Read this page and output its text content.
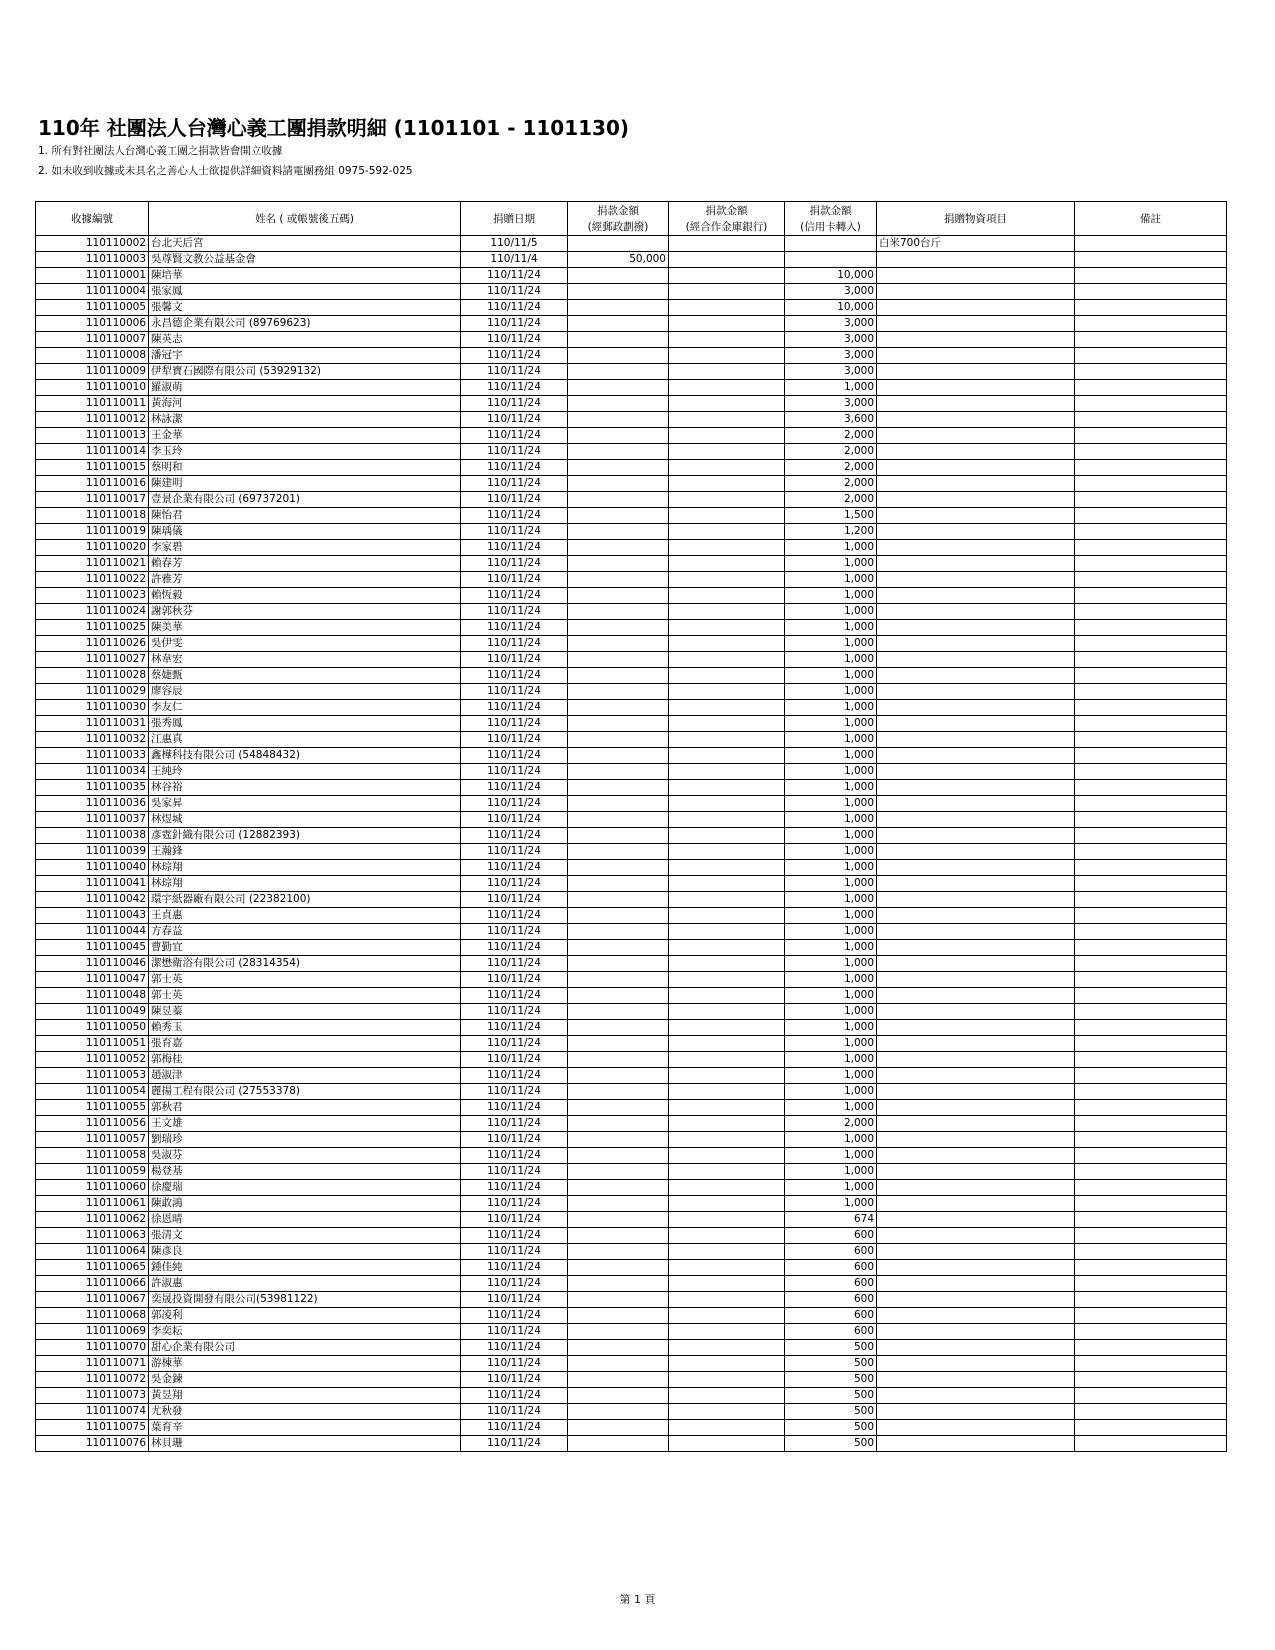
110年 社團法人台灣心義工團捐款明細 (1101101 - 1101130)
1. 所有對社團法人台灣心義工團之捐款皆會開立收據
2. 如未收到收據或未具名之善心人士欲提供詳細資料請電團務組 0975-592-025
收據編號	姓名 ( 或帳號後五碼)	捐贈日期	捐款金額
(經郵政劃撥)	捐款金額
(經合作金庫銀行)	捐款金額
(信用卡轉入)	捐贈物資項目	備註
110110002	台北天后宮	110/11/5				白米700台斤	
110110003	吳尊賢文教公益基金會	110/11/4	50,000				
110110001	陳培華	110/11/24			10,000		
110110004	張家鳳	110/11/24			3,000		
110110005	張馨文	110/11/24			10,000		
110110006	永昌德企業有限公司 (89769623)	110/11/24			3,000		
110110007	陳英志	110/11/24			3,000		
110110008	潘冠宇	110/11/24			3,000		
110110009	伊犁寶石國際有限公司 (53929132)	110/11/24			3,000		
110110010	羅淑萌	110/11/24			1,000		
110110011	黃海河	110/11/24			3,000		
110110012	林詠潔	110/11/24			3,600		
110110013	王金華	110/11/24			2,000		
110110014	李玉玲	110/11/24			2,000		
110110015	蔡明和	110/11/24			2,000		
110110016	陳建明	110/11/24			2,000		
110110017	壹景企業有限公司 (69737201)	110/11/24			2,000		
110110018	陳怡君	110/11/24			1,500		
110110019	陳瑀儀	110/11/24			1,200		
110110020	李家碧	110/11/24			1,000		
110110021	賴春芳	110/11/24			1,000		
110110022	許雅芳	110/11/24			1,000		
110110023	賴恆毅	110/11/24			1,000		
110110024	謝郭秋芬	110/11/24			1,000		
110110025	陳美華	110/11/24			1,000		
110110026	吳伊雯	110/11/24			1,000		
110110027	林韋宏	110/11/24			1,000		
110110028	蔡婕甄	110/11/24			1,000		
110110029	廖容辰	110/11/24			1,000		
110110030	李友仁	110/11/24			1,000		
110110031	張秀鳳	110/11/24			1,000		
110110032	江惠真	110/11/24			1,000		
110110033	鑫樺科技有限公司 (54848432)	110/11/24			1,000		
110110034	王純玲	110/11/24			1,000		
110110035	林谷裕	110/11/24			1,000		
110110036	吳家昇	110/11/24			1,000		
110110037	林煜城	110/11/24			1,000		
110110038	彥霆針織有限公司 (12882393)	110/11/24			1,000		
110110039	王瀚鋒	110/11/24			1,000		
110110040	林琮翔	110/11/24			1,000		
110110041	林琮翔	110/11/24			1,000		
110110042	環宇紙器廠有限公司 (22382100)	110/11/24			1,000		
110110043	王貞惠	110/11/24			1,000		
110110044	方春益	110/11/24			1,000		
110110045	曹勤宜	110/11/24			1,000		
110110046	潔懋衛浴有限公司 (28314354)	110/11/24			1,000		
110110047	郭士英	110/11/24			1,000		
110110048	郭士英	110/11/24			1,000		
110110049	陳昱蓁	110/11/24			1,000		
110110050	賴秀玉	110/11/24			1,000		
110110051	張育嘉	110/11/24			1,000		
110110052	郭梅桂	110/11/24			1,000		
110110053	趙淑津	110/11/24			1,000		
110110054	麗揚工程有限公司 (27553378)	110/11/24			1,000		
110110055	郭秋君	110/11/24			1,000		
110110056	王文雄	110/11/24			2,000		
110110057	劉瑞珍	110/11/24			1,000		
110110058	吳淑芬	110/11/24			1,000		
110110059	楊登基	110/11/24			1,000		
110110060	徐慶瑞	110/11/24			1,000		
110110061	陳敢鴻	110/11/24			1,000		
110110062	徐恩晴	110/11/24			674		
110110063	張清文	110/11/24			600		
110110064	陳彥良	110/11/24			600		
110110065	鍾佳純	110/11/24			600		
110110066	許淑惠	110/11/24			600		
110110067	奕晟投資開發有限公司(53981122)	110/11/24			600		
110110068	郭凌利	110/11/24			600		
110110069	李奕耘	110/11/24			600		
110110070	甜心企業有限公司	110/11/24			500		
110110071	游棟華	110/11/24			500		
110110072	吳金鍊	110/11/24			500		
110110073	黃昱翔	110/11/24			500		
110110074	尤秋發	110/11/24			500		
110110075	葉育辛	110/11/24			500		
110110076	林貝珊	110/11/24			500		
第 1 頁
